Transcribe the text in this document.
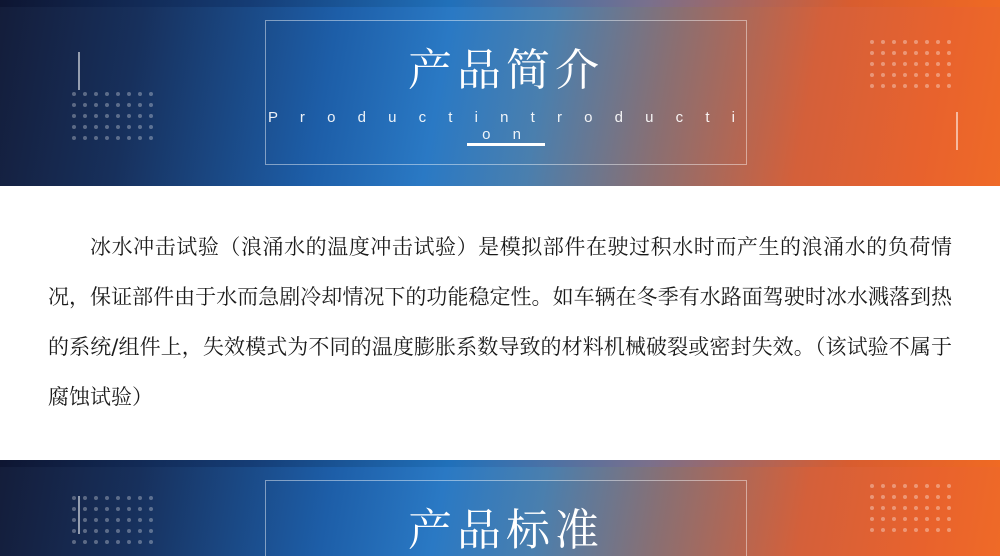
产品简介
P r o d u c t i n t r o d u c t i o n
冰水冲击试验（浪涌水的温度冲击试验）是模拟部件在驶过积水时而产生的浪涌水的负荷情况，保证部件由于水而急剧冷却情况下的功能稳定性。如车辆在冬季有水路面驾驶时冰水溅落到热的系统/组件上，失效模式为不同的温度膨胀系数导致的材料机械破裂或密封失效。（该试验不属于腐蚀试验）
产品标准
